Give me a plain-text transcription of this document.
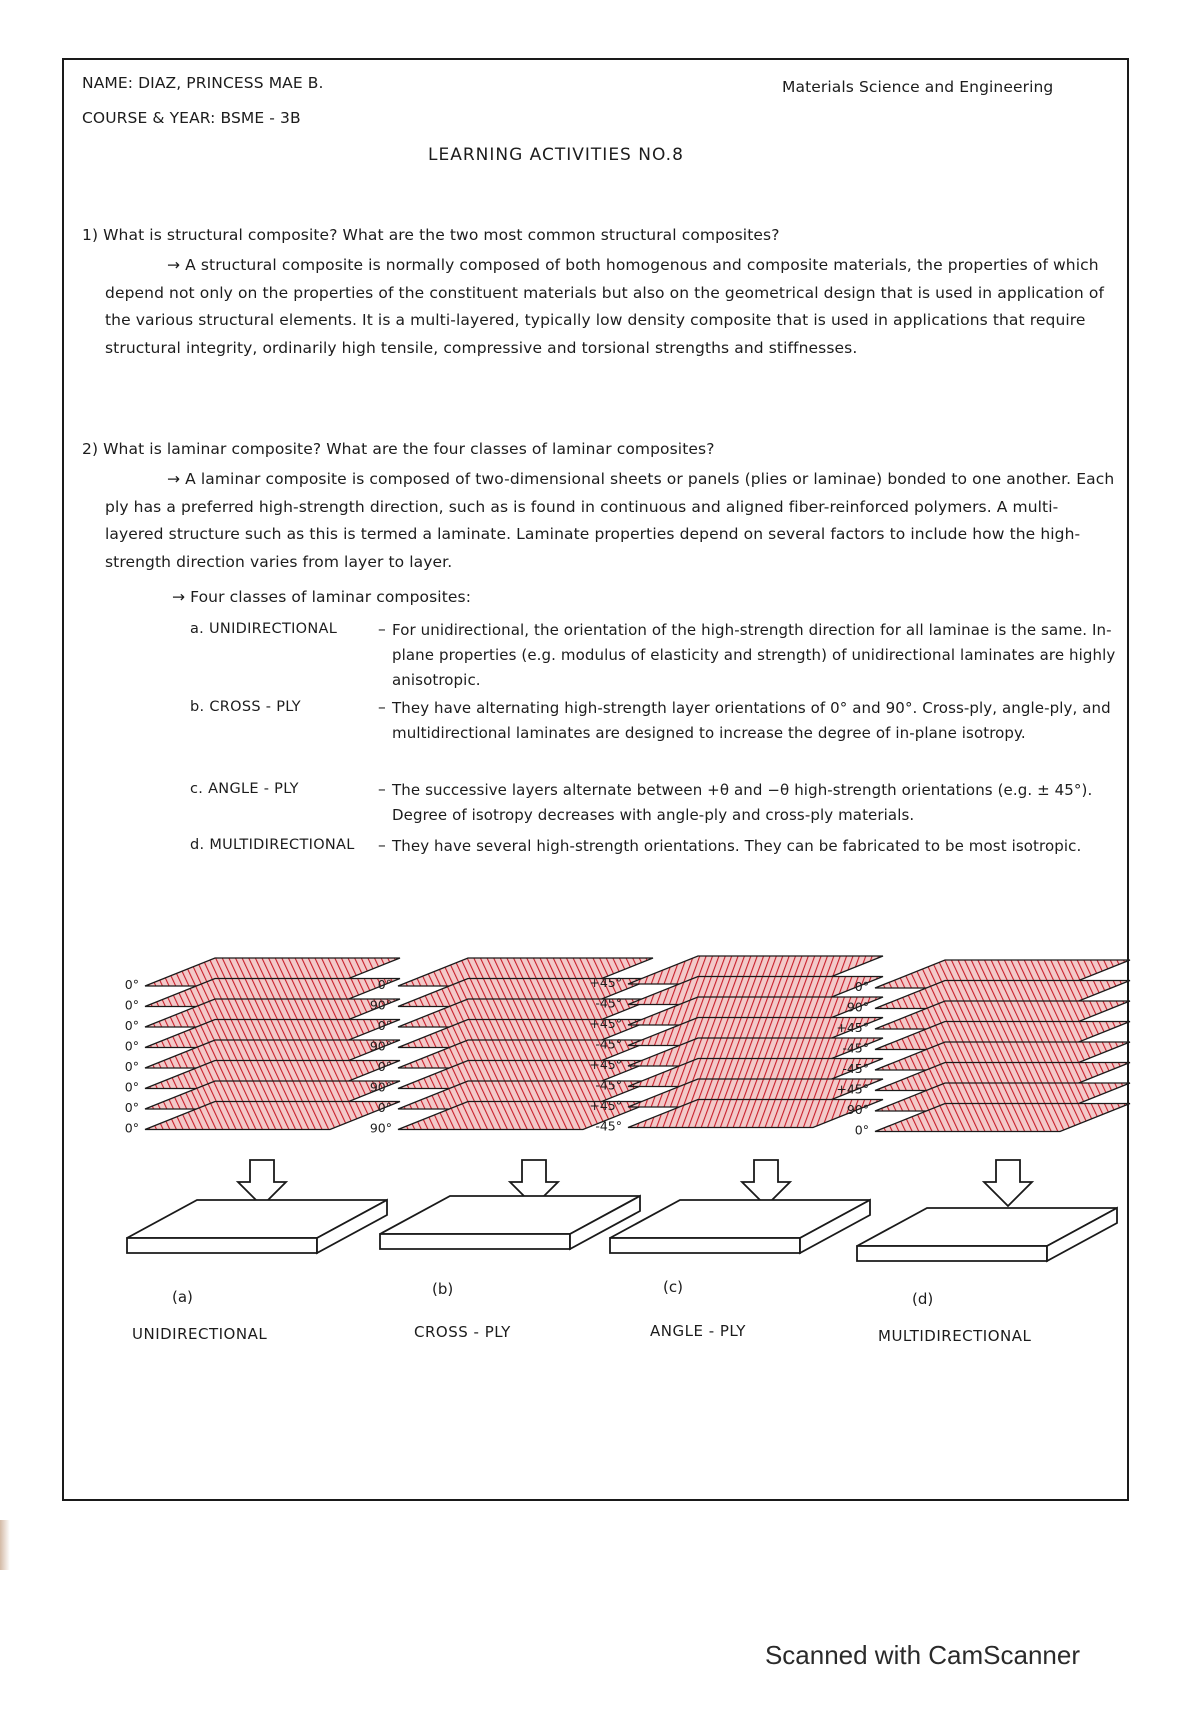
NAME: DIAZ, PRINCESS MAE B.
COURSE & YEAR: BSME - 3B
Materials Science and Engineering
LEARNING ACTIVITIES NO.8
1) What is structural composite? What are the two most common structural composites?
→ A structural composite is normally composed of both homogenous and composite materials, the properties of which depend not only on the properties of the constituent materials but also on the geometrical design that is used in application of the various structural elements. It is a multi-layered, typically low density composite that is used in applications that require structural integrity, ordinarily high tensile, compressive and torsional strengths and stiffnesses.
2) What is laminar composite? What are the four classes of laminar composites?
→ A laminar composite is composed of two-dimensional sheets or panels (plies or laminae) bonded to one another. Each ply has a preferred high-strength direction, such as is found in continuous and aligned fiber-reinforced polymers. A multi-layered structure such as this is termed a laminate. Laminate properties depend on several factors to include how the high-strength direction varies from layer to layer.
→ Four classes of laminar composites:
a. UNIDIRECTIONAL	– For unidirectional, the orientation of the high-strength direction for all laminae is the same. In-plane properties (e.g. modulus of elasticity and strength) of unidirectional laminates are highly anisotropic.
b. CROSS - PLY	– They have alternating high-strength layer orientations of 0° and 90°. Cross-ply, angle-ply, and multidirectional laminates are designed to increase the degree of in-plane isotropy.
c. ANGLE - PLY	– The successive layers alternate between +θ and −θ high-strength orientations (e.g. ± 45°). Degree of isotropy decreases with angle-ply and cross-ply materials.
d. MULTIDIRECTIONAL – They have several high-strength orientations. They can be fabricated to be most isotropic.
0°
0°
0°
0°
0°
0°
0°
0°
0°
90°
0°
90°
0°
90°
0°
90°
+45°
-45°
+45°
-45°
+45°
-45°
+45°
-45°
0°
90°
+45°
-45°
-45°
+45°
90°
0°
(a)	(b)	(c)
(d)
UNIDIRECTIONAL	CROSS - PLY	ANGLE - PLY	MULTIDIRECTIONAL
Scanned with CamScanner
